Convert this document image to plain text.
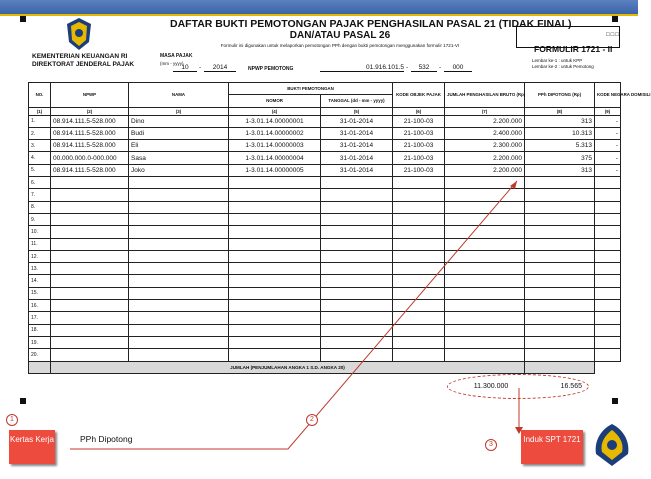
KEMENTERIAN KEUANGAN RI
DIREKTORAT JENDERAL PAJAK
DAFTAR BUKTI PEMOTONGAN PAJAK PENGHASILAN PASAL 21 (TIDAK FINAL)
DAN/ATAU PASAL 26
Formulir ini digunakan untuk melaporkan pemotongan PPh dengan bukti pemotongan menggunakan formulir 1721-VI
□□□
FORMULIR 1721 - II
Lembar ke-1 : untuk KPP
Lembar ke-2 : untuk Pemotong
MASA PAJAK
(mm - yyyy)
10	-	2014	NPWP PEMOTONG	01.916.101.5 -	532	-	000
NO.	NPWP	NAMA	BUKTI PEMOTONGAN		KODE OBJEK PAJAK	JUMLAH PENGHASILAN BRUTO (Rp)	PPh DIPOTONG (Rp)	KODE NEGARA DOMISILI
			NOMOR	TANGGAL (dd - mm - yyyy)				
(1)	(2)	(3)	(4)	(5)	(6)	(7)	(8)	(9)
1.	08.914.111.5-528.000	Dino	1-3.01.14.00000001	31-01-2014	21-100-03	2.200.000	313	-
2.	08.914.111.5-528.000	Budi	1-3.01.14.00000002	31-01-2014	21-100-03	2.400.000	10.313	-
3.	08.914.111.5-528.000	Eli	1-3.01.14.00000003	31-01-2014	21-100-03	2.300.000	5.313	-
4.	00.000.000.0-000.000	Sasa	1-3.01.14.00000004	31-01-2014	21-100-03	2.200.000	375	-
5.	08.914.111.5-528.000	Joko	1-3.01.14.00000005	31-01-2014	21-100-03	2.200.000	313	-
6.								
7.								
8.								
9.								
10.								
11.								
12.								
13.								
14.								
15.								
16.								
17.								
18.								
19.								
20.								
	JUMLAH (PENJUMLAHAN ANGKA 1 S.D. ANGKA 20)							
11.300.000	16.565
1	2
3
Kertas Kerja	PPh Dipotong	Induk SPT 1721
